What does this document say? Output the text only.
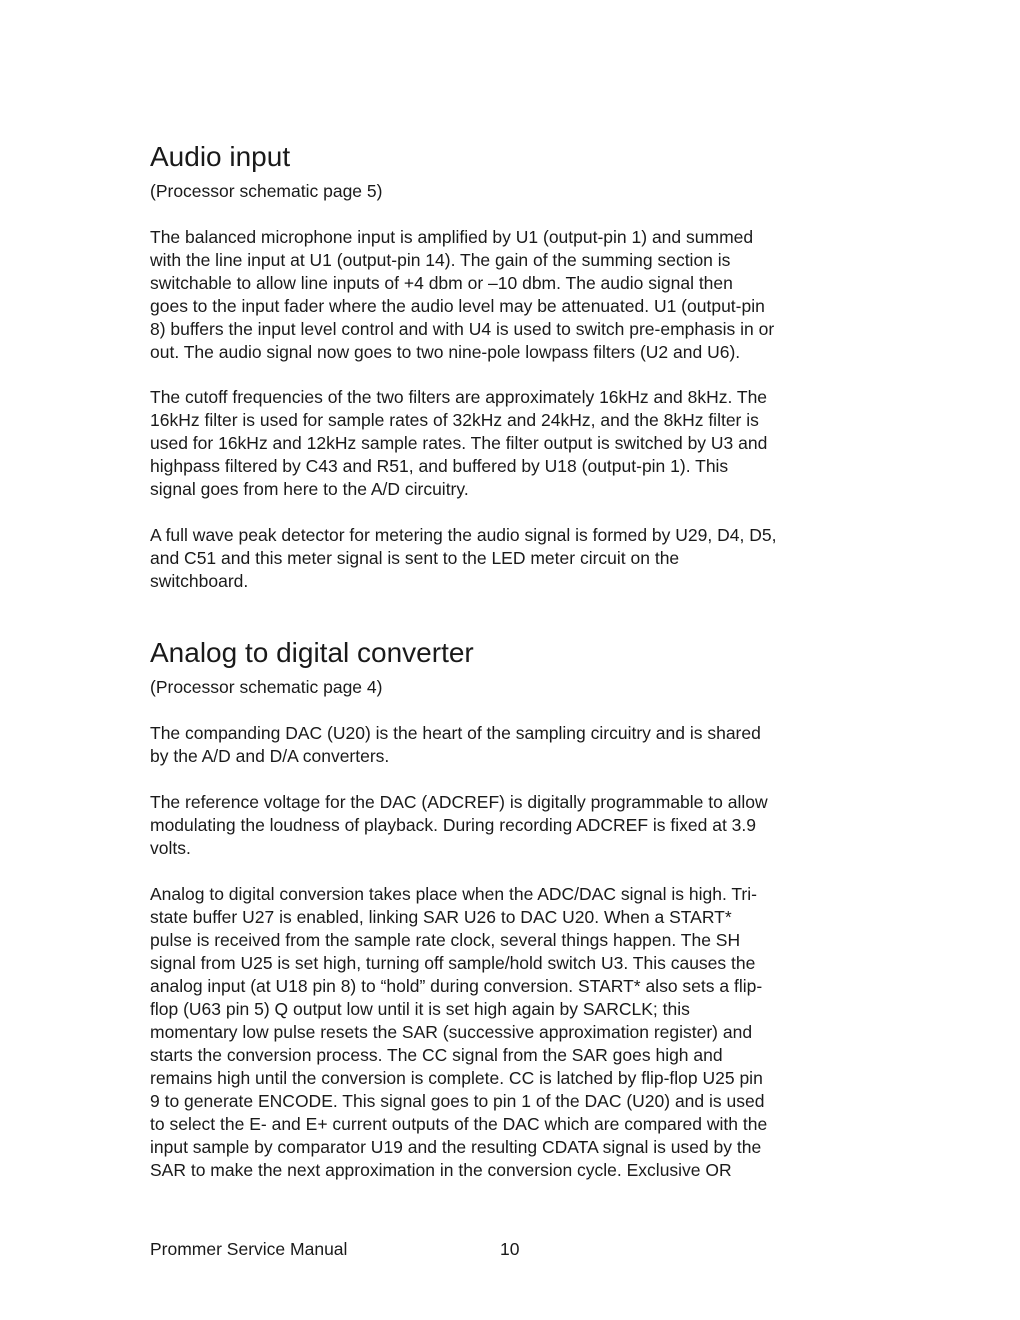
Audio input
(Processor schematic page 5)
The balanced microphone input is amplified by U1 (output-pin 1) and summed
with the line input at U1 (output-pin 14). The gain of the summing section is
switchable to allow line inputs of +4 dbm or –10 dbm. The audio signal then
goes to the input fader where the audio level may be attenuated. U1 (output-pin
8) buffers the input level control and with U4 is used to switch pre-emphasis in or
out. The audio signal now goes to two nine-pole lowpass filters (U2 and U6).
The cutoff frequencies of the two filters are approximately 16kHz and 8kHz. The
16kHz filter is used for sample rates of 32kHz and 24kHz, and the 8kHz filter is
used for 16kHz and 12kHz sample rates. The filter output is switched by U3 and
highpass filtered by C43 and R51, and buffered by U18 (output-pin 1). This
signal goes from here to the A/D circuitry.
A full wave peak detector for metering the audio signal is formed by U29, D4, D5,
and C51 and this meter signal is sent to the LED meter circuit on the
switchboard.
Analog to digital converter
(Processor schematic page 4)
The companding DAC (U20) is the heart of the sampling circuitry and is shared
by the A/D and D/A converters.
The reference voltage for the DAC (ADCREF) is digitally programmable to allow
modulating the loudness of playback. During recording ADCREF is fixed at 3.9
volts.
Analog to digital conversion takes place when the ADC/DAC signal is high. Tri-
state buffer U27 is enabled, linking SAR U26 to DAC U20. When a START*
pulse is received from the sample rate clock, several things happen. The SH
signal from U25 is set high, turning off sample/hold switch U3. This causes the
analog input (at U18 pin 8) to “hold” during conversion. START* also sets a flip-
flop (U63 pin 5) Q output low until it is set high again by SARCLK; this
momentary low pulse resets the SAR (successive approximation register) and
starts the conversion process. The CC signal from the SAR goes high and
remains high until the conversion is complete. CC is latched by flip-flop U25 pin
9 to generate ENCODE. This signal goes to pin 1 of the DAC (U20) and is used
to select the E- and E+ current outputs of the DAC which are compared with the
input sample by comparator U19 and the resulting CDATA signal is used by the
SAR to make the next approximation in the conversion cycle. Exclusive OR
Prommer Service Manual	10
